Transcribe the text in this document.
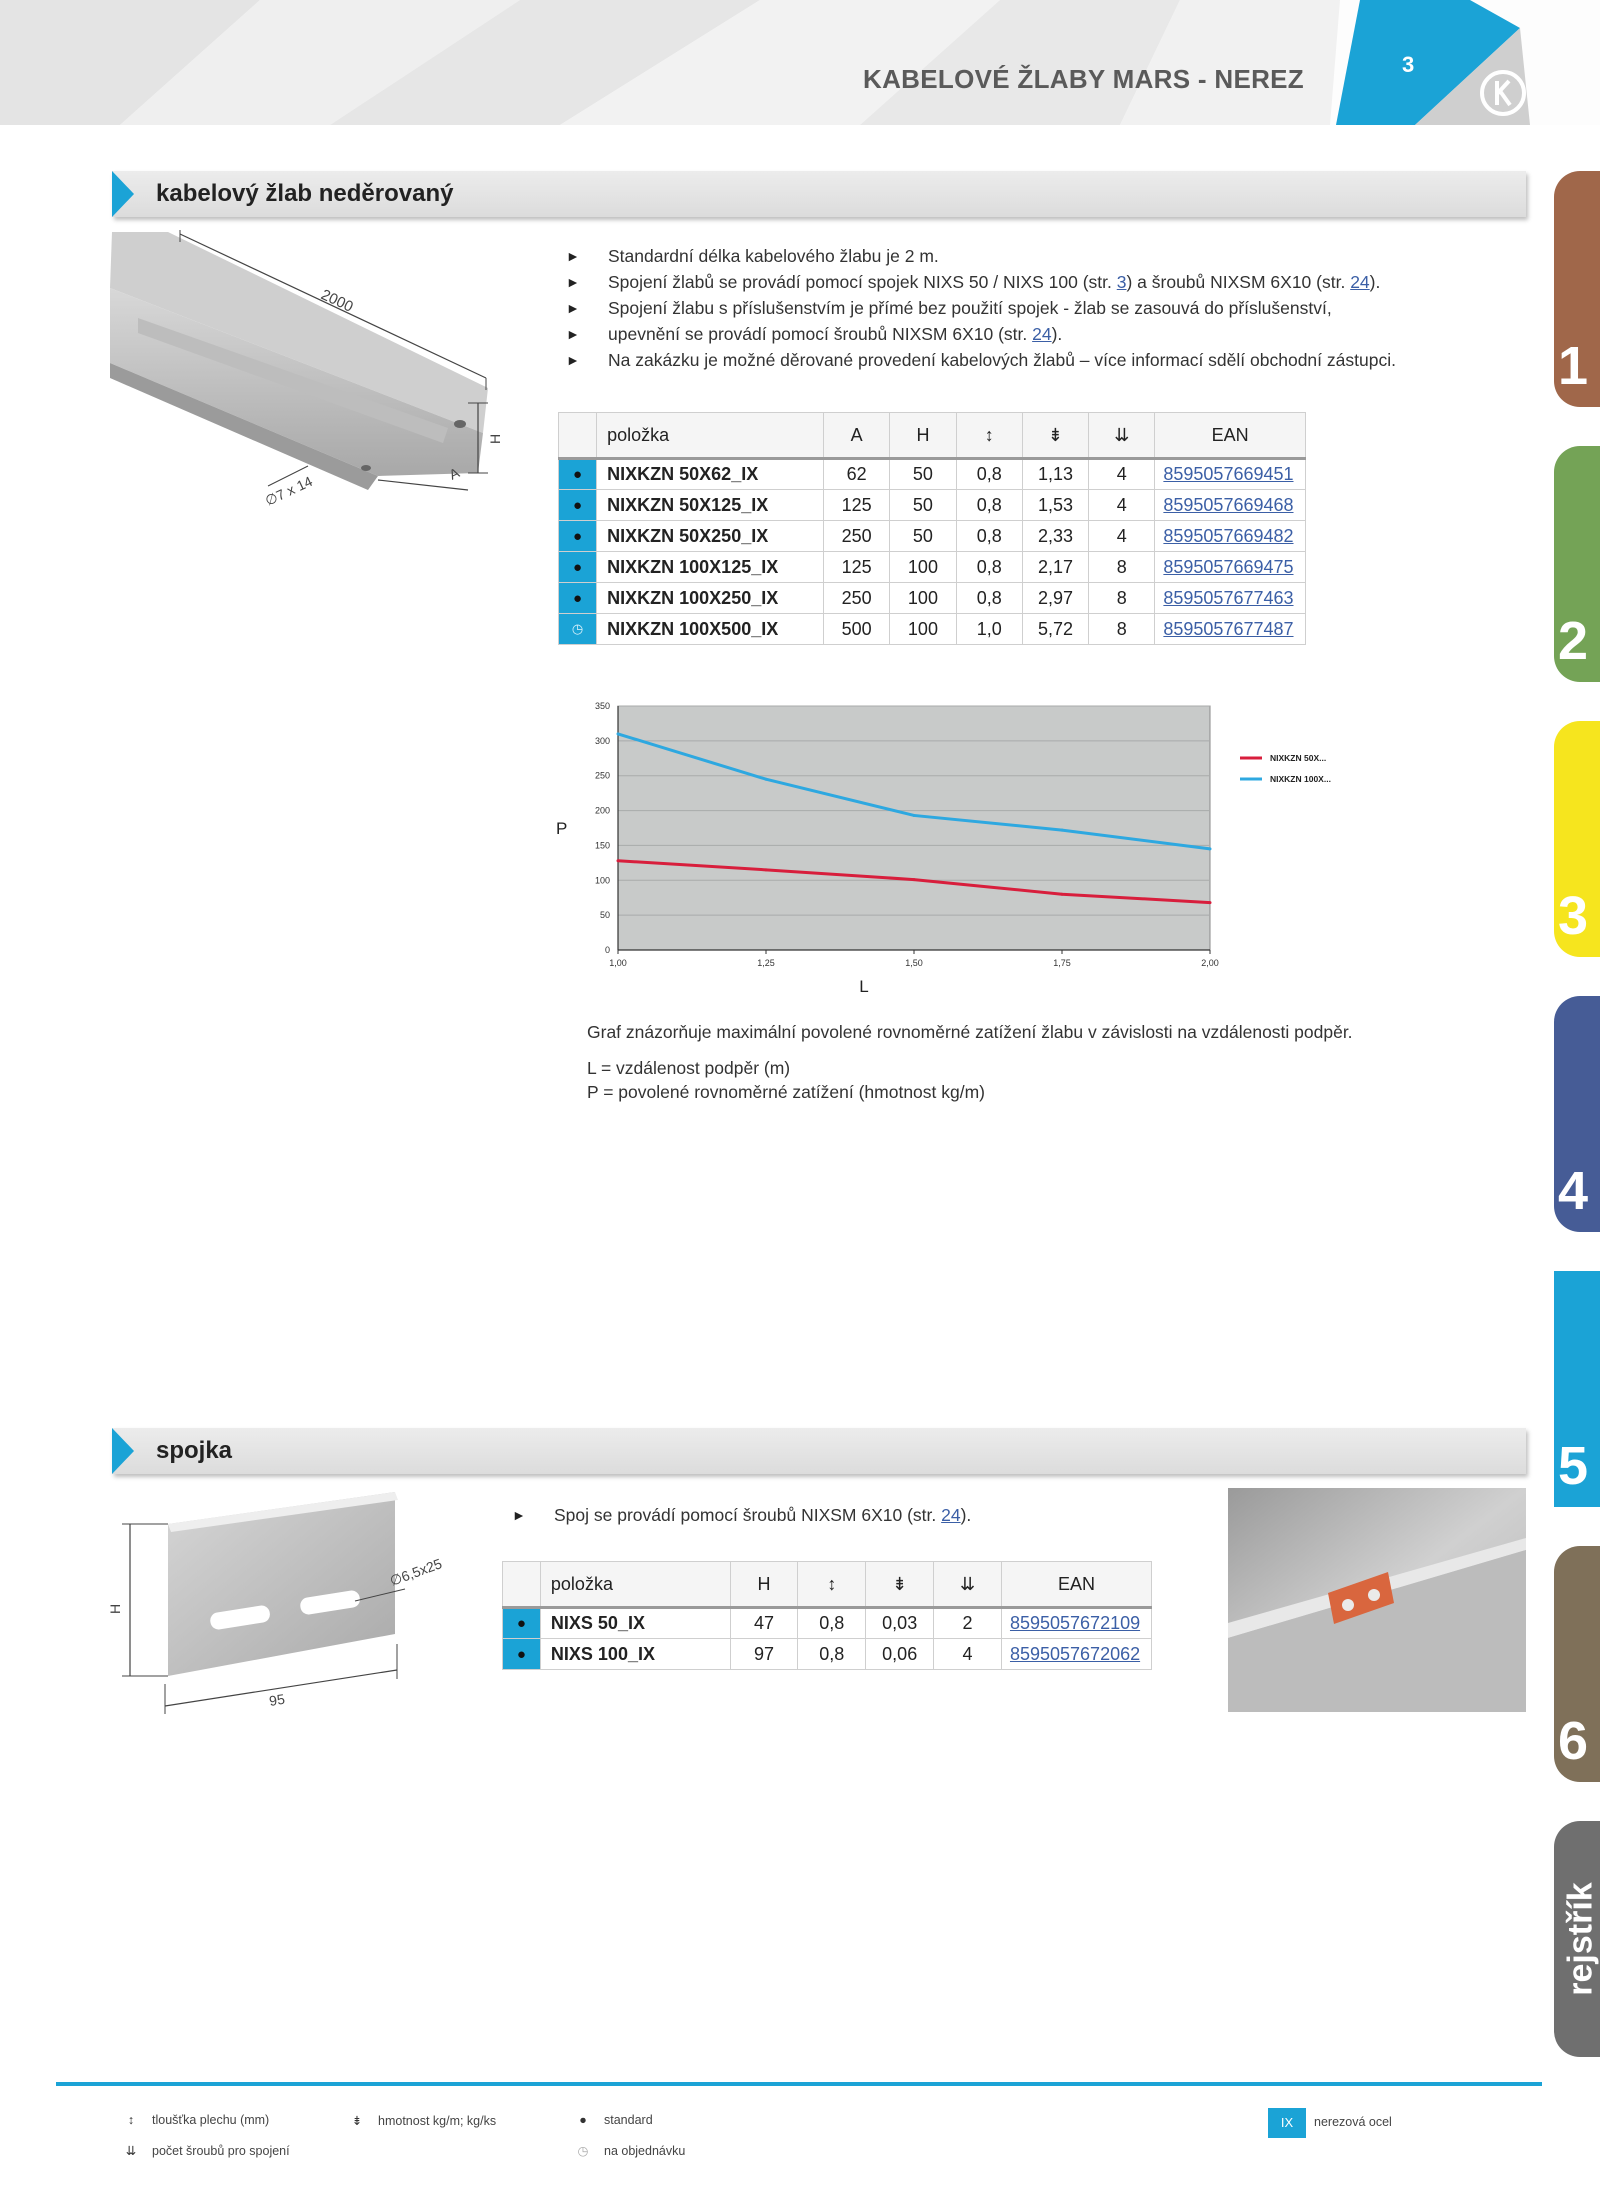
KABELOVÉ ŽLABY MARS - NEREZ	3
kabelový žlab neděrovaný
2000
H
A
∅7 x 14
► Standardní délka kabelového žlabu je 2 m.
► Spojení žlabů se provádí pomocí spojek NIXS 50 / NIXS 100 (str. 3) a šroubů NIXSM 6X10 (str. 24).
► Spojení žlabu s příslušenstvím je přímé bez použití spojek - žlab se zasouvá do příslušenství,
► upevnění se provádí pomocí šroubů NIXSM 6X10 (str. 24).
► Na zakázku je možné děrované provedení kabelových žlabů – více informací sdělí obchodní zástupci.
	položka	A	H	↕	⇟	⇊	EAN
●	NIXKZN 50X62_IX	62	50	0,8	1,13	4	8595057669451
●	NIXKZN 50X125_IX	125	50	0,8	1,53	4	8595057669468
●	NIXKZN 50X250_IX	250	50	0,8	2,33	4	8595057669482
●	NIXKZN 100X125_IX	125	100	0,8	2,17	8	8595057669475
●	NIXKZN 100X250_IX	250	100	0,8	2,97	8	8595057677463
◷	NIXKZN 100X500_IX	500	100	1,0	5,72	8	8595057677487
0
50
100
150
200
250
300
350
1,00	1,25	1,50	1,75	2,00
NIXKZN 50X...
NIXKZN 100X...
L
P
Graf znázorňuje maximální povolené rovnoměrné zatížení žlabu v závislosti na vzdálenosti podpěr.
L = vzdálenost podpěr (m)
P = povolené rovnoměrné zatížení (hmotnost kg/m)
spojka
H
95
∅6,5x25
► Spoj se provádí pomocí šroubů NIXSM 6X10 (str. 24).
	položka	H	↕	⇟	⇊	EAN
●	NIXS 50_IX	47	0,8	0,03	2	8595057672109
●	NIXS 100_IX	97	0,8	0,06	4	8595057672062
1
2
3
4
5
6
rejstřík
↕ tloušťka plechu (mm)	⇟ hmotnost kg/m; kg/ks	● standard
⇊ počet šroubů pro spojení	◷ na objednávku
IX	nerezová ocel
